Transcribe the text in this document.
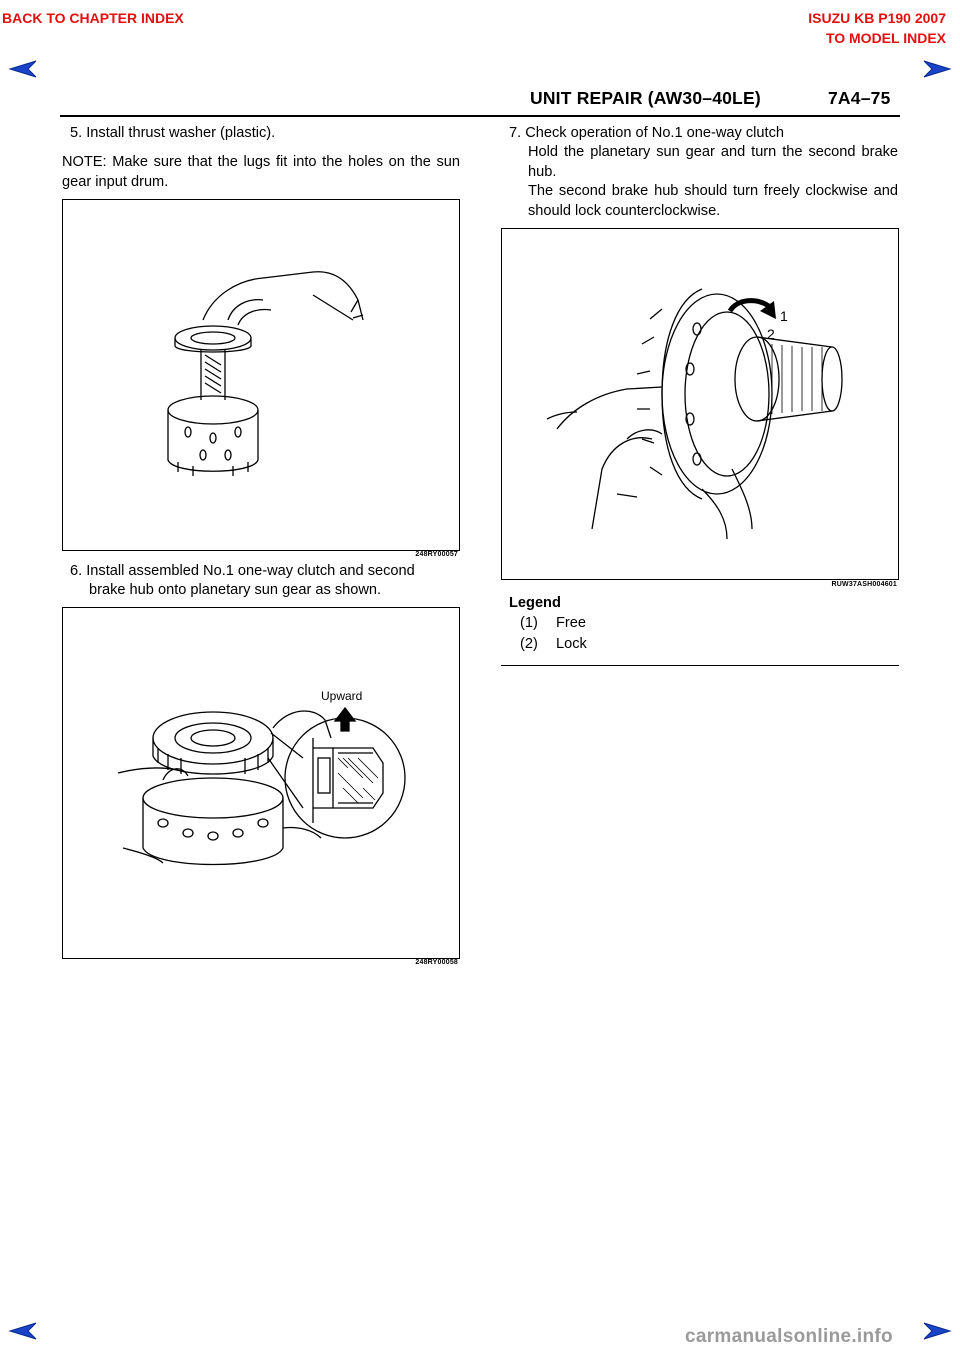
BACK TO CHAPTER INDEX	ISUZU KB P190 2007
TO MODEL INDEX
UNIT REPAIR (AW30–40LE)	7A4–75
5. Install thrust washer (plastic).
NOTE: Make sure that the lugs fit into the holes on the sun gear input drum.
248RY00057
6. Install assembled No.1 one-way clutch and second
brake hub onto planetary sun gear as shown.
Upward
248RY00058
7. Check operation of No.1 one-way clutch
Hold the planetary sun gear and turn the second brake hub.
The second brake hub should turn freely clockwise and should lock counterclockwise.
1
2
RUW37ASH004601
Legend
(1) Free
(2) Lock
carmanualsonline.info
